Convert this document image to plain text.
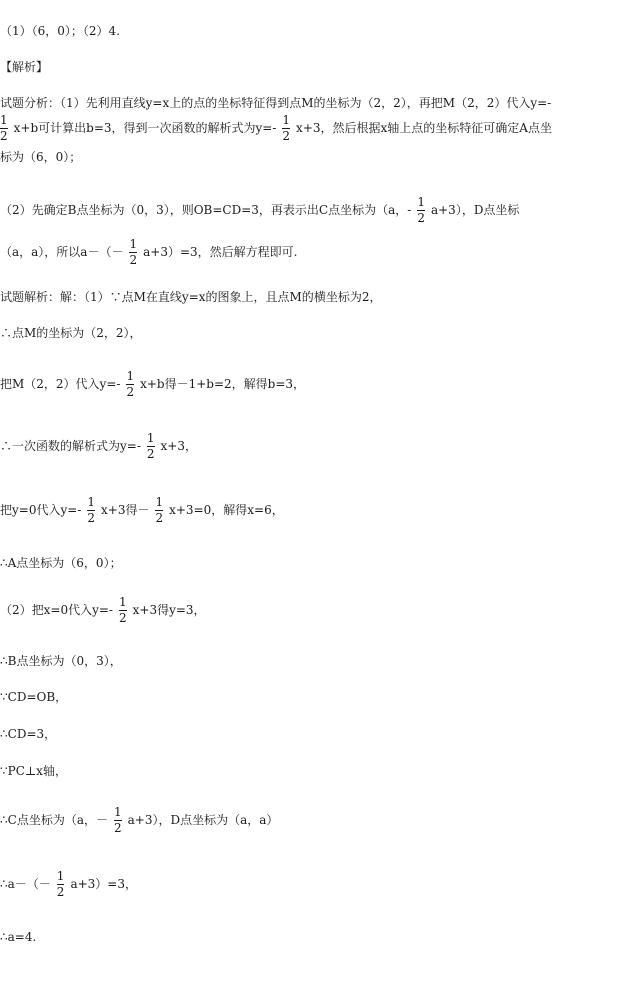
（1）（6，0）；（2）4.
【解析】
试题分析：（1）先利用直线y=x上的点的坐标特征得到点M的坐标为（2，2），再把M（2，2）代入y=-
$\frac{1}{2} x+b$可计算出b=3，得到一次函数的解析式为$y=- \frac{1}{2} x+3$，然后根据x轴上点的坐标特征可确定A点坐
标为（6，0）；
（2）先确定B点坐标为（0，3），则OB=CD=3，再表示出C点坐标为（a，- $\frac{1}{2} a+3$），D点坐标
（a，a），所以$a-(- \frac{1}{2} a+3)=3$，然后解方程即可.
试题解析：解：（1）∵点M在直线y=x的图象上，且点M的横坐标为2，
∴点M的坐标为（2，2），
把M（2，2）代入$y=- \frac{1}{2} x+b$得－1+b=2，解得b=3，
∴一次函数的解析式为$y=- \frac{1}{2} x+3$，
把y=0代入$y=- \frac{1}{2} x+3$得－ $\frac{1}{2} x+3=0$，解得x=6，
∴A点坐标为（6，0）；
（2）把x=0代入$y=- \frac{1}{2} x+3$得y=3，
∴B点坐标为（0，3），
∵CD=OB，
∴CD=3，
∵PC⊥x轴，
∴C点坐标为（a，－ $\frac{1}{2} a+3$），D点坐标为（a，a）
∴a－（－ $\frac{1}{2} a+3)=3$，
∴a=4.
